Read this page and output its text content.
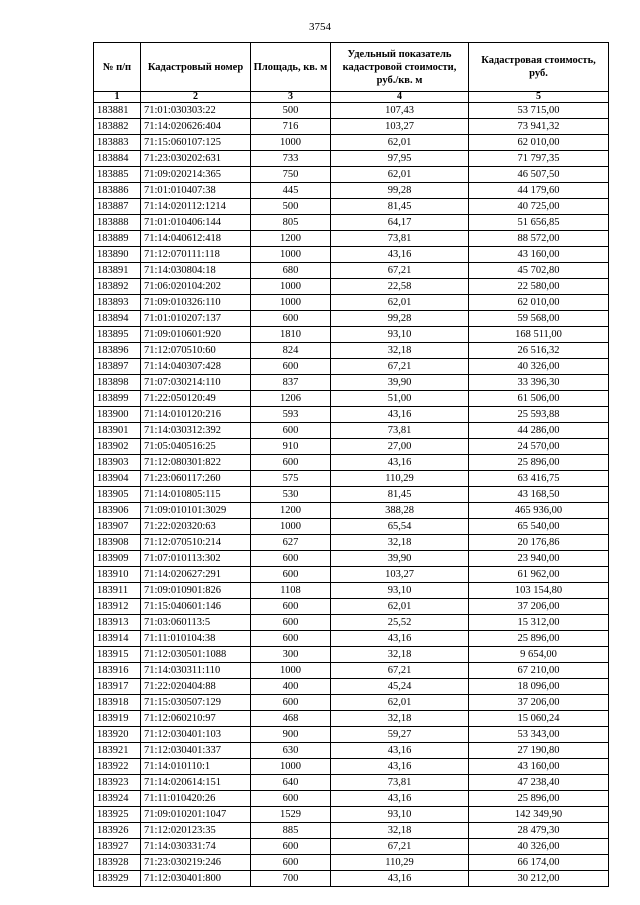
3754
№ п/п	Кадастровый номер	Площадь, кв. м	Удельный показатель кадастровой стоимости, руб./кв. м	Кадастровая стоимость, руб.
1	2	3	4	5
183881	71:01:030303:22	500	107,43	53 715,00
183882	71:14:020626:404	716	103,27	73 941,32
183883	71:15:060107:125	1000	62,01	62 010,00
183884	71:23:030202:631	733	97,95	71 797,35
183885	71:09:020214:365	750	62,01	46 507,50
183886	71:01:010407:38	445	99,28	44 179,60
183887	71:14:020112:1214	500	81,45	40 725,00
183888	71:01:010406:144	805	64,17	51 656,85
183889	71:14:040612:418	1200	73,81	88 572,00
183890	71:12:070111:118	1000	43,16	43 160,00
183891	71:14:030804:18	680	67,21	45 702,80
183892	71:06:020104:202	1000	22,58	22 580,00
183893	71:09:010326:110	1000	62,01	62 010,00
183894	71:01:010207:137	600	99,28	59 568,00
183895	71:09:010601:920	1810	93,10	168 511,00
183896	71:12:070510:60	824	32,18	26 516,32
183897	71:14:040307:428	600	67,21	40 326,00
183898	71:07:030214:110	837	39,90	33 396,30
183899	71:22:050120:49	1206	51,00	61 506,00
183900	71:14:010120:216	593	43,16	25 593,88
183901	71:14:030312:392	600	73,81	44 286,00
183902	71:05:040516:25	910	27,00	24 570,00
183903	71:12:080301:822	600	43,16	25 896,00
183904	71:23:060117:260	575	110,29	63 416,75
183905	71:14:010805:115	530	81,45	43 168,50
183906	71:09:010101:3029	1200	388,28	465 936,00
183907	71:22:020320:63	1000	65,54	65 540,00
183908	71:12:070510:214	627	32,18	20 176,86
183909	71:07:010113:302	600	39,90	23 940,00
183910	71:14:020627:291	600	103,27	61 962,00
183911	71:09:010901:826	1108	93,10	103 154,80
183912	71:15:040601:146	600	62,01	37 206,00
183913	71:03:060113:5	600	25,52	15 312,00
183914	71:11:010104:38	600	43,16	25 896,00
183915	71:12:030501:1088	300	32,18	9 654,00
183916	71:14:030311:110	1000	67,21	67 210,00
183917	71:22:020404:88	400	45,24	18 096,00
183918	71:15:030507:129	600	62,01	37 206,00
183919	71:12:060210:97	468	32,18	15 060,24
183920	71:12:030401:103	900	59,27	53 343,00
183921	71:12:030401:337	630	43,16	27 190,80
183922	71:14:010110:1	1000	43,16	43 160,00
183923	71:14:020614:151	640	73,81	47 238,40
183924	71:11:010420:26	600	43,16	25 896,00
183925	71:09:010201:1047	1529	93,10	142 349,90
183926	71:12:020123:35	885	32,18	28 479,30
183927	71:14:030331:74	600	67,21	40 326,00
183928	71:23:030219:246	600	110,29	66 174,00
183929	71:12:030401:800	700	43,16	30 212,00
